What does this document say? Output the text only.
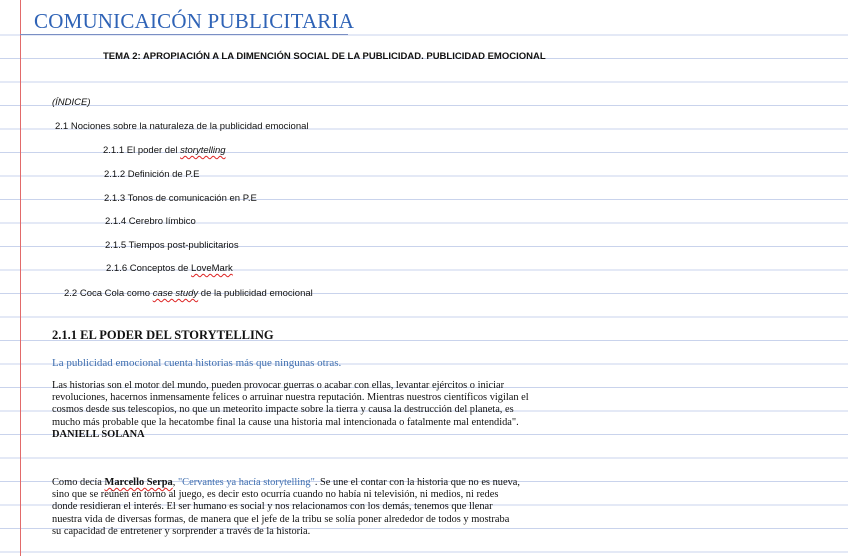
COMUNICAICÓN PUBLICITARIA
TEMA 2: APROPIACIÓN A LA DIMENCIÓN SOCIAL DE LA PUBLICIDAD. PUBLICIDAD EMOCIONAL
(ÍNDICE)
2.1 Nociones sobre la naturaleza de la publicidad emocional
2.1.1 El poder del storytelling
2.1.2 Definición de P.E
2.1.3 Tonos de comunicación en P.E
2.1.4 Cerebro límbico
2.1.5 Tiempos post-publicitarios
2.1.6 Conceptos de LoveMark
2.2 Coca Cola como case study de la publicidad emocional
2.1.1 EL PODER DEL STORYTELLING
La publicidad emocional cuenta historias más que ningunas otras.

Las historias son el motor del mundo, pueden provocar guerras o acabar con ellas, levantar ejércitos o iniciar
revoluciones, hacernos inmensamente felices o arruinar nuestra reputación. Mientras nuestros científicos vigilan el
cosmos desde sus telescopios, no que un meteorito impacte sobre la tierra y causa la destrucción del planeta, es
mucho más probable que la hecatombe final la cause una historia mal intencionada o fatalmente mal entendida".
DANIELL SOLANA

Como decía Marcello Serpa, "Cervantes ya hacía storytelling". Se une el contar con la historia que no es nueva,
sino que se reúnen en torno al juego, es decir esto ocurría cuando no había ni televisión, ni medios, ni redes
donde residieran el interés. El ser humano es social y nos relacionamos con los demás, tenemos que llenar
nuestra vida de diversas formas, de manera que el jefe de la tribu se solía poner alrededor de todos y mostraba
su capacidad de entretener y sorprender a través de la historia.
